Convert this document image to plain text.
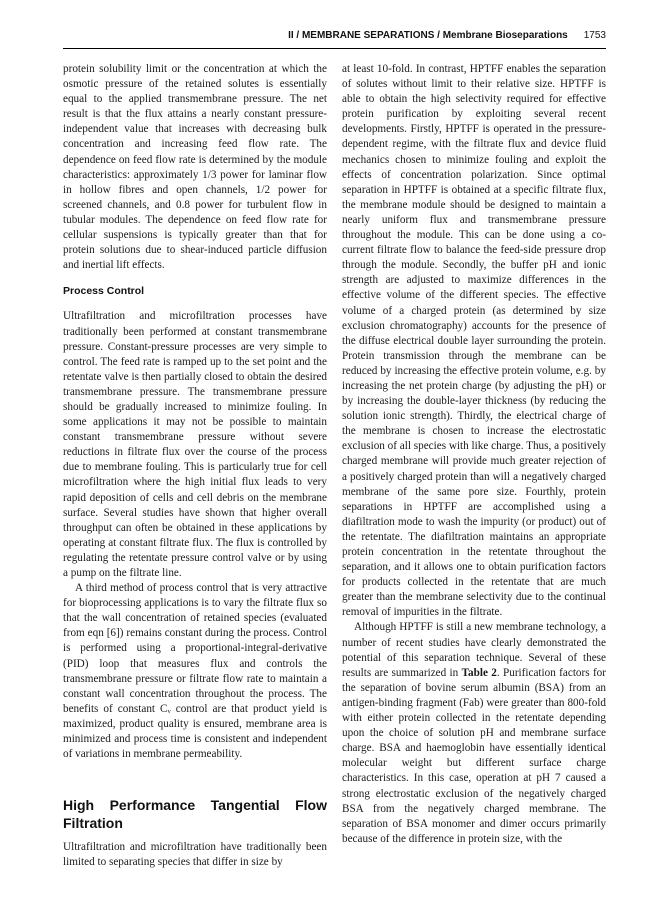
II / MEMBRANE SEPARATIONS / Membrane Bioseparations 1753

protein solubility limit or the concentration at which the osmotic pressure of the retained solutes is essentially equal to the applied transmembrane pressure. The net result is that the flux attains a nearly constant pressure-independent value that increases with decreasing bulk concentration and increasing feed flow rate. The dependence on feed flow rate is determined by the module characteristics: approximately 1/3 power for laminar flow in hollow fibres and open channels, 1/2 power for screened channels, and 0.8 power for turbulent flow in tubular modules. The dependence on feed flow rate for cellular suspensions is typically greater than that for protein solutions due to shear-induced particle diffusion and inertial lift effects.

Process Control

Ultrafiltration and microfiltration processes have traditionally been performed at constant transmembrane pressure. Constant-pressure processes are very simple to control. The feed rate is ramped up to the set point and the retentate valve is then partially closed to obtain the desired transmembrane pressure. The transmembrane pressure should be gradually increased to minimize fouling. In some applications it may not be possible to maintain constant transmembrane pressure without severe reductions in filtrate flux over the course of the process due to membrane fouling. This is particularly true for cell microfiltration where the high initial flux leads to very rapid deposition of cells and cell debris on the membrane surface. Several studies have shown that higher overall throughput can often be obtained in these applications by operating at constant filtrate flux. The flux is controlled by regulating the retentate pressure control valve or by using a pump on the filtrate line.

A third method of process control that is very attractive for bioprocessing applications is to vary the filtrate flux so that the wall concentration of retained species (evaluated from eqn [6]) remains constant during the process. Control is performed using a proportional-integral-derivative (PID) loop that measures flux and controls the transmembrane pressure or filtrate flow rate to maintain a constant wall concentration throughout the process. The benefits of constant Cᵥ control are that product yield is maximized, product quality is ensured, membrane area is minimized and process time is consistent and independent of variations in membrane permeability.

High Performance Tangential Flow Filtration

Ultrafiltration and microfiltration have traditionally been limited to separating species that differ in size by

at least 10-fold. In contrast, HPTFF enables the separation of solutes without limit to their relative size. HPTFF is able to obtain the high selectivity required for effective protein purification by exploiting several recent developments. Firstly, HPTFF is operated in the pressure-dependent regime, with the filtrate flux and device fluid mechanics chosen to minimize fouling and exploit the effects of concentration polarization. Since optimal separation in HPTFF is obtained at a specific filtrate flux, the membrane module should be designed to maintain a nearly uniform flux and transmembrane pressure throughout the module. This can be done using a co-current filtrate flow to balance the feed-side pressure drop through the module. Secondly, the buffer pH and ionic strength are adjusted to maximize differences in the effective volume of the different species. The effective volume of a charged protein (as determined by size exclusion chromatography) accounts for the presence of the diffuse electrical double layer surrounding the protein. Protein transmission through the membrane can be reduced by increasing the effective protein volume, e.g. by increasing the net protein charge (by adjusting the pH) or by increasing the double-layer thickness (by reducing the solution ionic strength). Thirdly, the electrical charge of the membrane is chosen to increase the electrostatic exclusion of all species with like charge. Thus, a positively charged membrane will provide much greater rejection of a positively charged protein than will a negatively charged membrane of the same pore size. Fourthly, protein separations in HPTFF are accomplished using a diafiltration mode to wash the impurity (or product) out of the retentate. The diafiltration maintains an appropriate protein concentration in the retentate throughout the separation, and it allows one to obtain purification factors for products collected in the retentate that are much greater than the membrane selectivity due to the continual removal of impurities in the filtrate.

Although HPTFF is still a new membrane technology, a number of recent studies have clearly demonstrated the potential of this separation technique. Several of these results are summarized in Table 2. Purification factors for the separation of bovine serum albumin (BSA) from an antigen-binding fragment (Fab) were greater than 800-fold with either protein collected in the retentate depending upon the choice of solution pH and membrane surface charge. BSA and haemoglobin have essentially identical molecular weight but different surface charge characteristics. In this case, operation at pH 7 caused a strong electrostatic exclusion of the negatively charged BSA from the negatively charged membrane. The separation of BSA monomer and dimer occurs primarily because of the difference in protein size, with the
